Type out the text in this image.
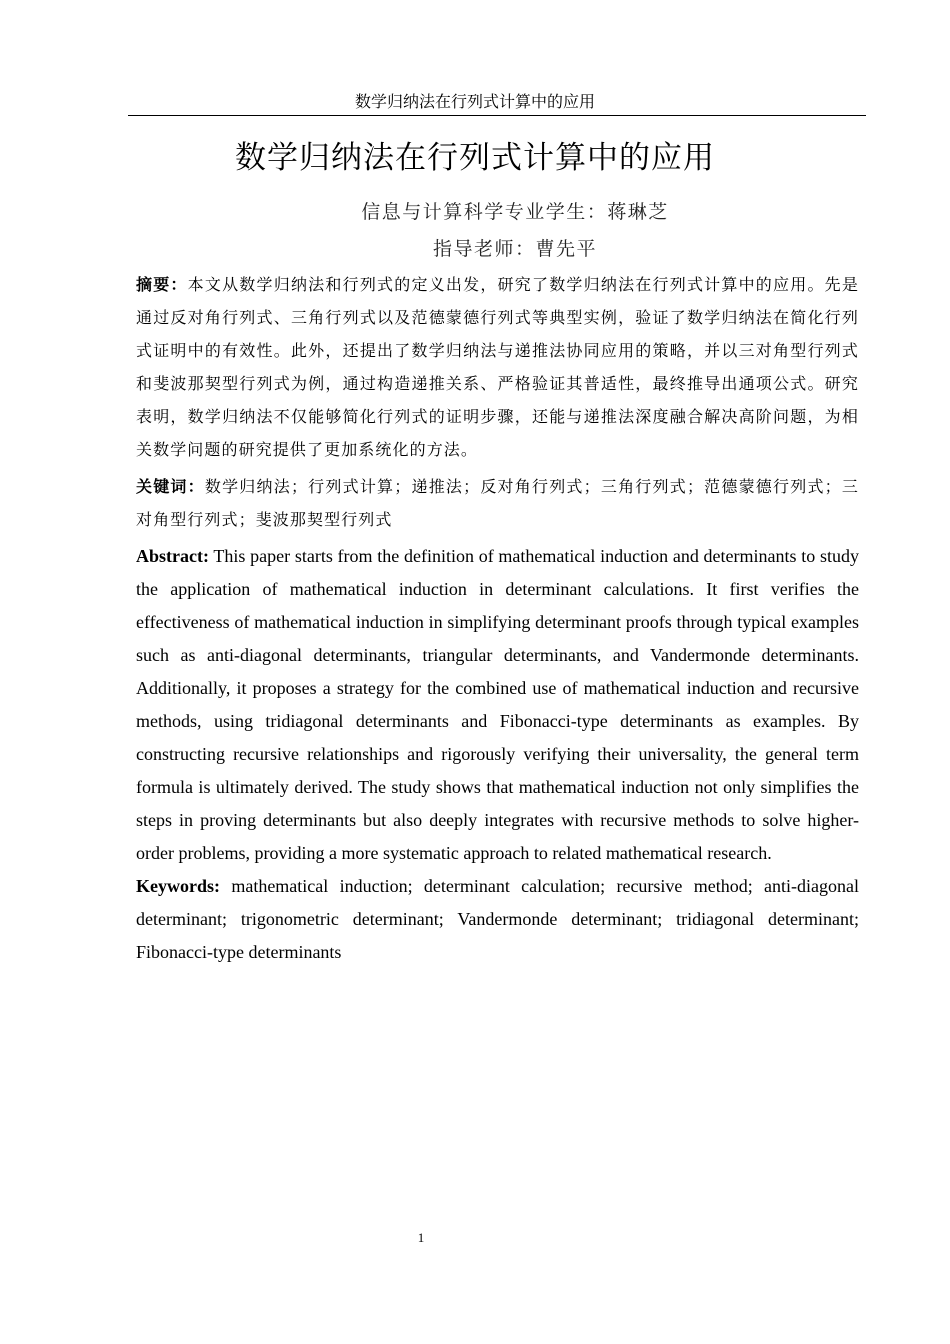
数学归纳法在行列式计算中的应用
数学归纳法在行列式计算中的应用
信息与计算科学专业学生：蒋琳芝
指导老师：曹先平

摘要：本文从数学归纳法和行列式的定义出发，研究了数学归纳法在行列式计算中的应用。先是通过反对角行列式、三角行列式以及范德蒙德行列式等典型实例，验证了数学归纳法在简化行列式证明中的有效性。此外，还提出了数学归纳法与递推法协同应用的策略，并以三对角型行列式和斐波那契型行列式为例，通过构造递推关系、严格验证其普适性，最终推导出通项公式。研究表明，数学归纳法不仅能够简化行列式的证明步骤，还能与递推法深度融合解决高阶问题，为相关数学问题的研究提供了更加系统化的方法。

关键词：数学归纳法；行列式计算；递推法；反对角行列式；三角行列式；范德蒙德行列式；三对角型行列式；斐波那契型行列式

Abstract: This paper starts from the definition of mathematical induction and determinants to study the application of mathematical induction in determinant calculations. It first verifies the effectiveness of mathematical induction in simplifying determinant proofs through typical examples such as anti-diagonal determinants, triangular determinants, and Vandermonde determinants. Additionally, it proposes a strategy for the combined use of mathematical induction and recursive methods, using tridiagonal determinants and Fibonacci-type determinants as examples. By constructing recursive relationships and rigorously verifying their universality, the general term formula is ultimately derived. The study shows that mathematical induction not only simplifies the steps in proving determinants but also deeply integrates with recursive methods to solve higher-order problems, providing a more systematic approach to related mathematical research.

Keywords: mathematical induction; determinant calculation; recursive method; anti-diagonal determinant; trigonometric determinant; Vandermonde determinant; tridiagonal determinant; Fibonacci-type determinants

1
